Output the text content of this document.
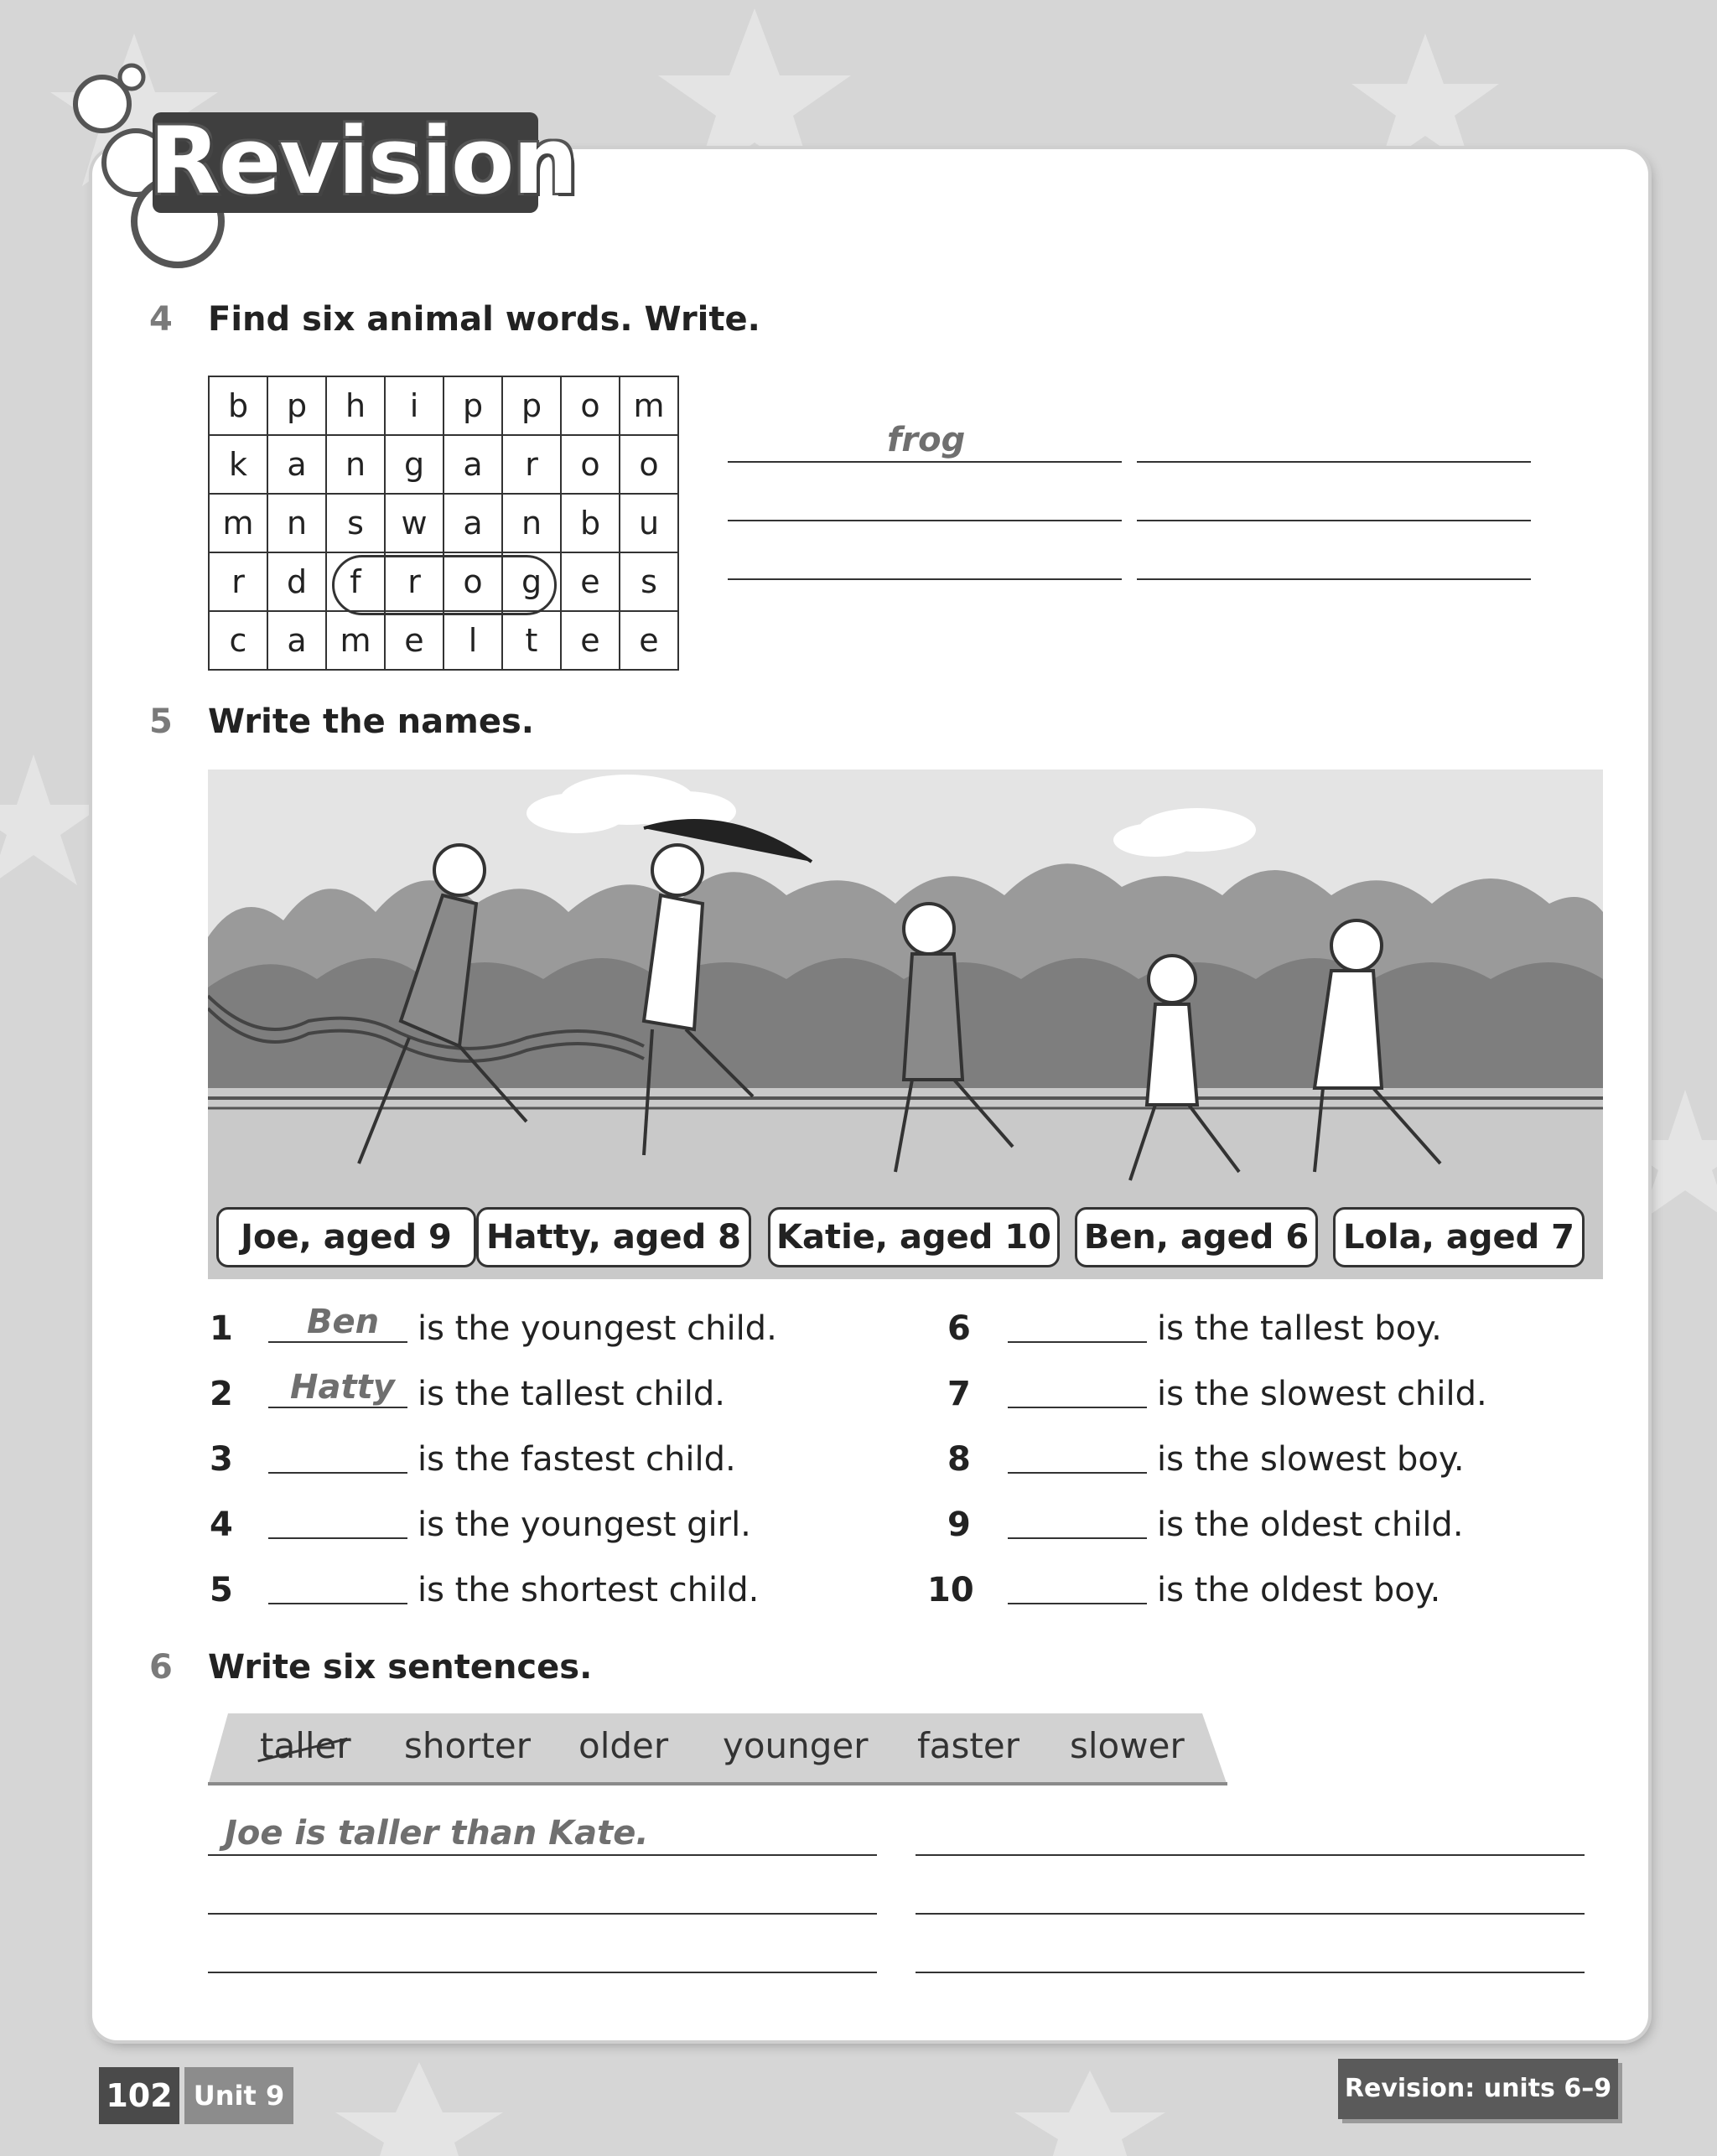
Revision
4 Find six animal words. Write.
b	p	h	i	p	p	o	m
k	a	n	g	a	r	o	o
m	n	s	w	a	n	b	u
r	d	f	r	o	g	e	s
c	a	m	e	l	t	e	e
frog
5 Write the names.
Joe, aged 9	Hatty, aged 8	Katie, aged 10 Ben, aged 6	Lola, aged 7
1 Ben is the youngest child.
2 Hatty is the tallest child.
3	is the fastest child.
4	is the youngest girl.
5	is the shortest child.
6	is the tallest boy.
7	is the slowest child.
8	is the slowest boy.
9	is the oldest child.
10	is the oldest boy.
6 Write six sentences.
taller shorter older younger faster slower
Joe is taller than Kate.
102 Unit 9	Revision: units 6–9
